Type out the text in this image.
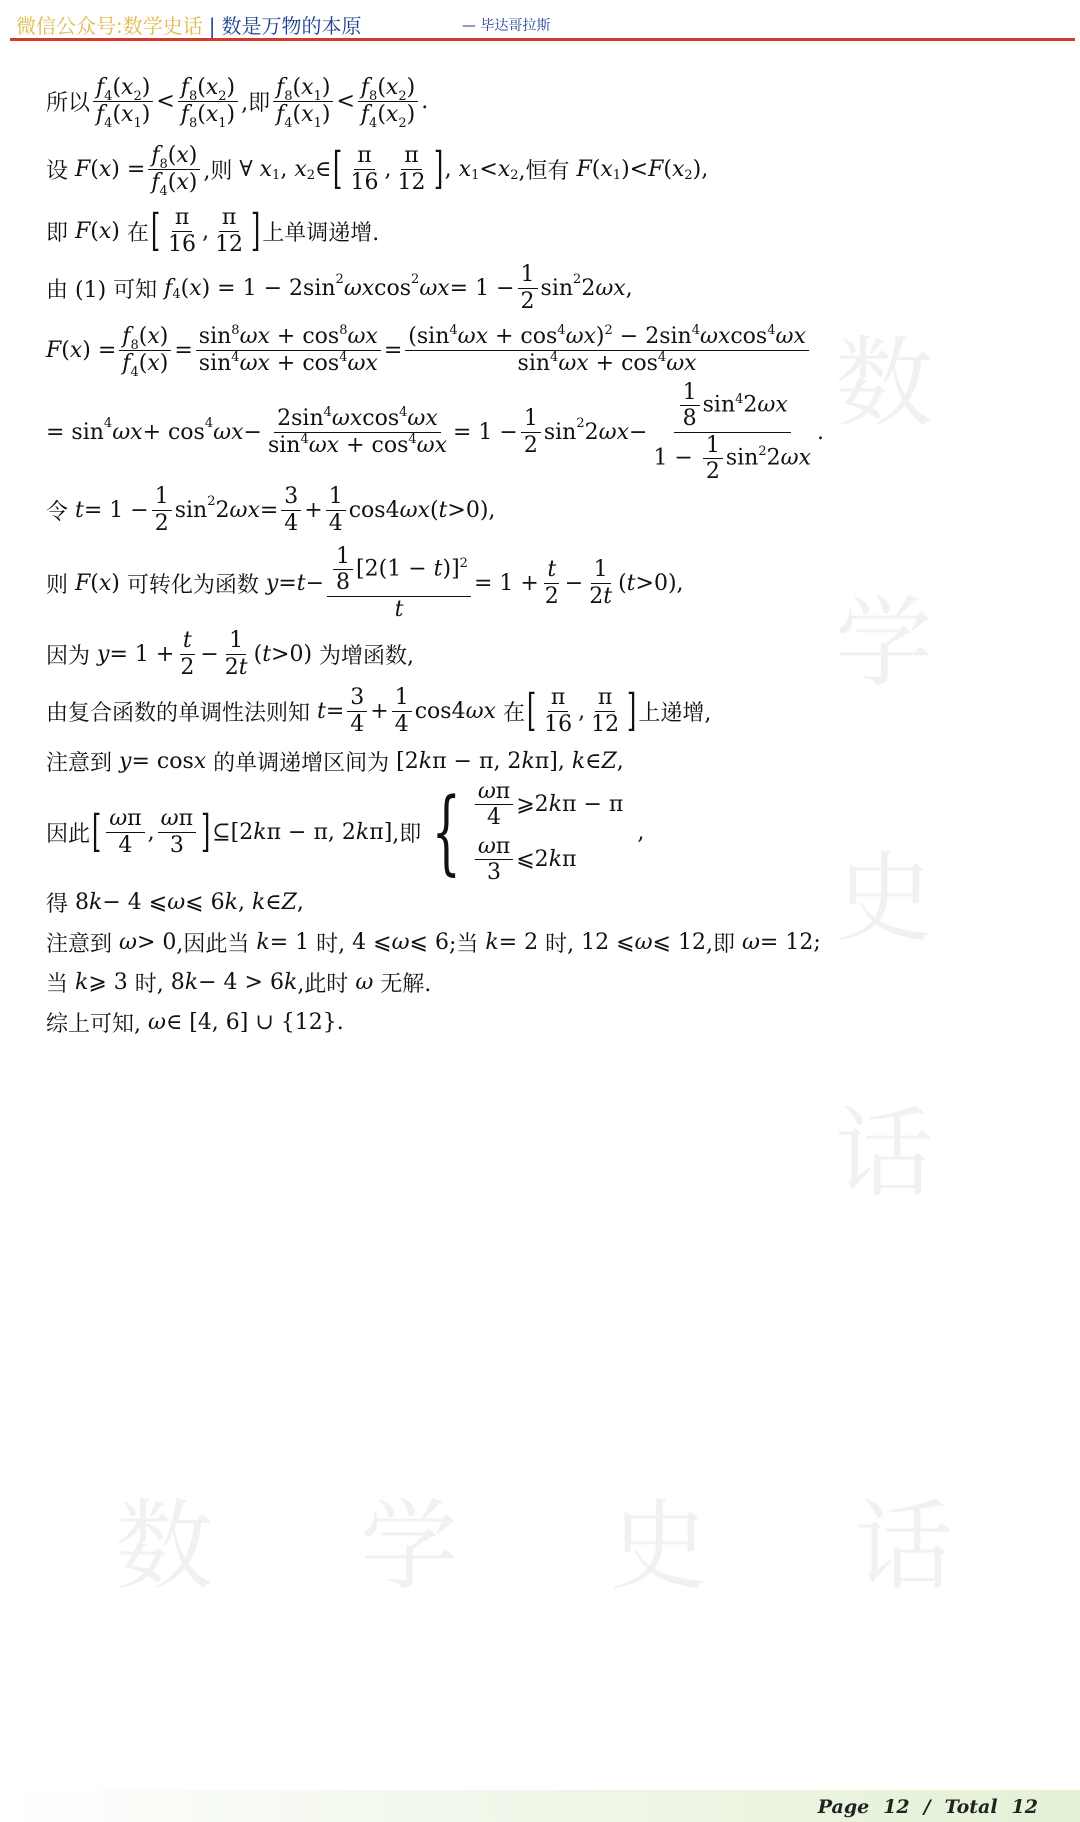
微信公众号:数学史话 | 数是万物的本原	— 毕达哥拉斯
数
学
史
话
数 学 史 话
所以 $\frac{f_4(x_2)}{f_4(x_1)} < \frac{f_8(x_2)}{f_8(x_1)}$ ,即 $\frac{f_8(x_1)}{f_4(x_1)} < \frac{f_8(x_2)}{f_4(x_2)}$ .
设 F ( x ) = $\frac{f_8(x)}{f_4(x)}$ ,则 ∀ x 1 , x 2 ∈ [ $\frac{\pi}{16}$ , $\frac{\pi}{12}$ ] , x 1 < x 2 ,恒有 F ( x 1 )< F ( x 2 ),
即 F ( x ) 在 [ $\frac{\pi}{16}$ , $\frac{\pi}{12}$ ] 上单调递增.
由 (1) 可知
f 4 ( x ) = 1 − 2sin 2 ωx cos 2 $\omega x = 1 - \frac{1}{2}$ sin 2 2 ωx ,
F ( x ) = $\frac{f_8(x)}{f_4(x)} = \frac{\sin^8\omega x + \cos^8\omega x}{\sin^4\omega x + \cos^4\omega x} = \frac{(\sin^4\omega x + \cos^4\omega x)^2 - 2\sin^4\omega xcos^4\omega x}{\sin^4\omega x + \cos^4\omega x}$
= sin 4 ωx + cos 4 $\omega x - \frac{2\sin^4\omega xcos^4\omega x}{\sin^4\omega x + \cos^4\omega x} = 1 - \frac{1}{2}$ sin 2 2 $\omega x - \frac{\frac{1}{8} \sin^42\omega x}{1 - \frac{1}{2} \sin^22\omega x}$ .
令
$t = 1 - \frac{1}{2}$ sin 2 2 $\omega x = \frac{3}{4} + \frac{1}{4} \cos 4$ ωx ( t >0),
则 F ( x ) 可转化为函数
$y = t - \frac{\frac{1}{8} [2(1 - t)]^2}{t} = 1 + \frac{t}{2} - \frac{1}{2t}$ ( t >0),
因为
$y = 1 + \frac{t}{2} - \frac{1}{2t}$ ( t >0) 为增函数,
由复合函数的单调性法则知 $t = \frac{3}{4} + \frac{1}{4} \cos 4$ ωx
在 [ $\frac{\pi}{16}$ , $\frac{\pi}{12}$ ] 上递增,
注意到
y = cos x
的单调递增区间为 [2 k π − π, 2 k π], k ∈ Z ,
因此 [ $\frac{\omega\pi}{4}$ , $\frac{\omega\pi}{3}$ ] ⊆[2 k π − π, 2 k π] ,即 { $\frac{\omega\pi}{4}$ ⩾2 k π − π
$\frac{\omega\pi}{3}$ ⩽2 k π
,
得 8 k − 4 ⩽ ω ⩽ 6 k , k ∈ Z ,
注意到
ω > 0 ,因此当
k = 1 时, 4 ⩽ ω ⩽ 6 ;当
k = 2 时, 12 ⩽ ω ⩽ 12 ,即
ω = 12;
当
k ⩾ 3 时, 8 k − 4 > 6 k ,此时
ω
无解.
综上可知,
ω ∈ [4, 6] ∪ {12}.
Page 12 / Total 12
